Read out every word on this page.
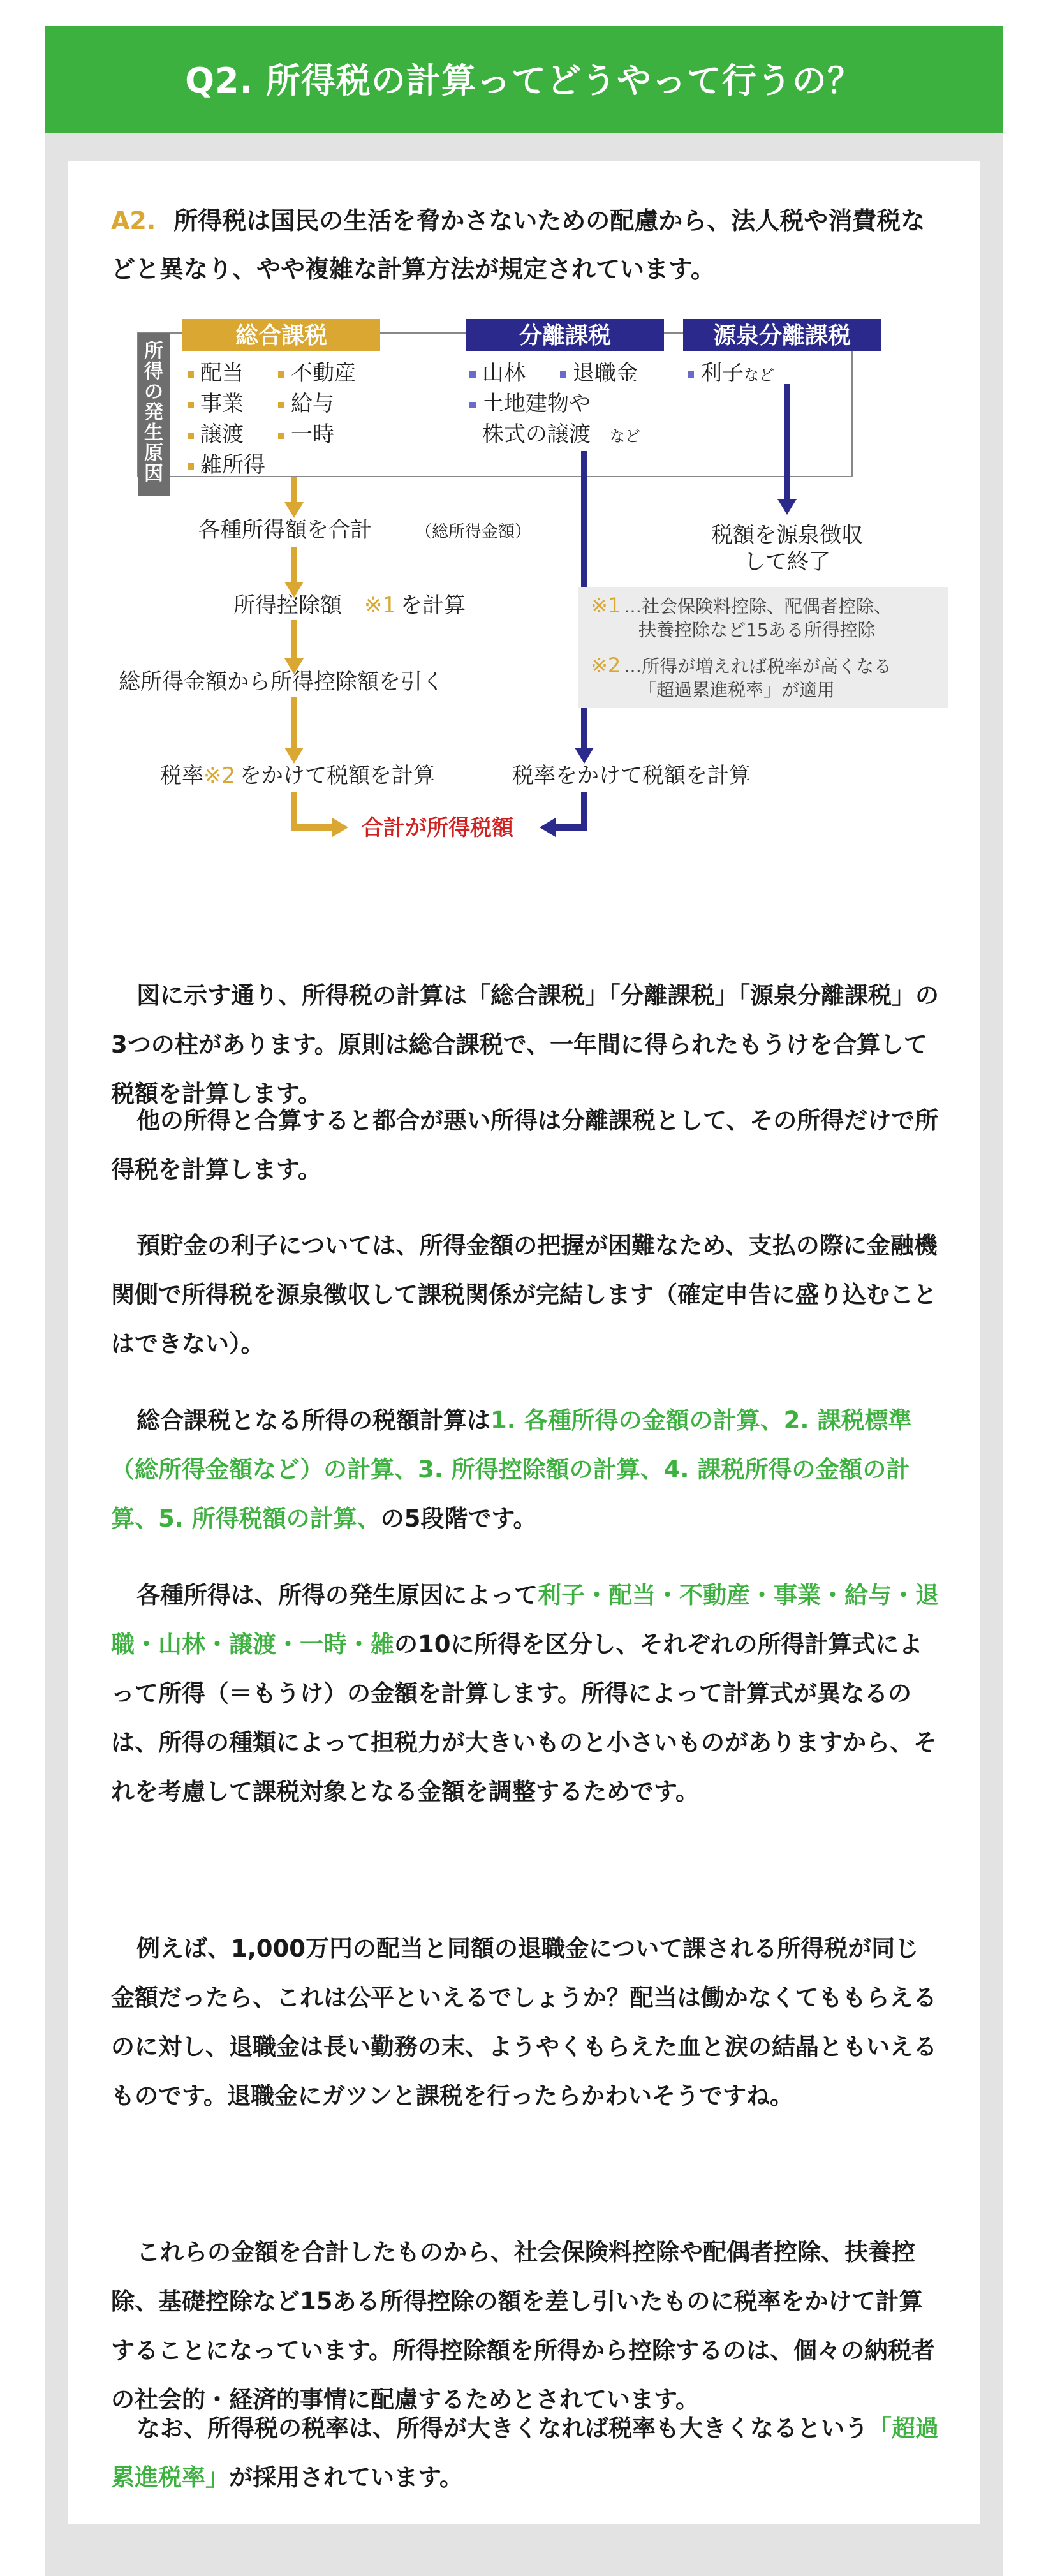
Q2. 所得税の計算ってどうやって行うの？
A2. 所得税は国民の生活を脅かさないための配慮から、法人税や消費税などと異なり、やや複雑な計算方法が規定されています。
所
得
の
発
生
原
因
総合課税	分離課税	源泉分離課税
配当 不動産
事業 給与
譲渡 一時
雑所得
山林 退職金
土地建物や
株式の譲渡 など
利子 など
各種所得額を合計	（総所得金額）
所得控除額 ※1 を計算
総所得金額から所得控除額を引く
税率 ※2 をかけて税額を計算	税率をかけて税額を計算
税額を源泉徴収
して終了
合計が所得税額
※1 …社会保険料控除、配偶者控除、
扶養控除など15ある所得控除
※2 …所得が増えれば税率が高くなる
「超過累進税率」が適用
図に示す通り、所得税の計算は「総合課税」「分離課税」「源泉分離課税」の3つの柱があります。原則は総合課税で、一年間に得られたもうけを合算して税額を計算します。
他の所得と合算すると都合が悪い所得は分離課税として、その所得だけで所得税を計算します。
預貯金の利子については、所得金額の把握が困難なため、支払の際に金融機関側で所得税を源泉徴収して課税関係が完結します（確定申告に盛り込むことはできない）。
総合課税となる所得の税額計算は1. 各種所得の金額の計算、2. 課税標準（総所得金額など）の計算、3. 所得控除額の計算、4. 課税所得の金額の計算、5. 所得税額の計算、の5段階です。
各種所得は、所得の発生原因によって利子・配当・不動産・事業・給与・退職・山林・譲渡・一時・雑の10に所得を区分し、それぞれの所得計算式によって所得（＝もうけ）の金額を計算します。所得によって計算式が異なるのは、所得の種類によって担税力が大きいものと小さいものがありますから、それを考慮して課税対象となる金額を調整するためです。
例えば、1,000万円の配当と同額の退職金について課される所得税が同じ金額だったら、これは公平といえるでしょうか？配当は働かなくてももらえるのに対し、退職金は長い勤務の末、ようやくもらえた血と涙の結晶ともいえるものです。退職金にガツンと課税を行ったらかわいそうですね。
これらの金額を合計したものから、社会保険料控除や配偶者控除、扶養控除、基礎控除など15ある所得控除の額を差し引いたものに税率をかけて計算することになっています。所得控除額を所得から控除するのは、個々の納税者の社会的・経済的事情に配慮するためとされています。
なお、所得税の税率は、所得が大きくなれば税率も大きくなるという「超過累進税率」が採用されています。
